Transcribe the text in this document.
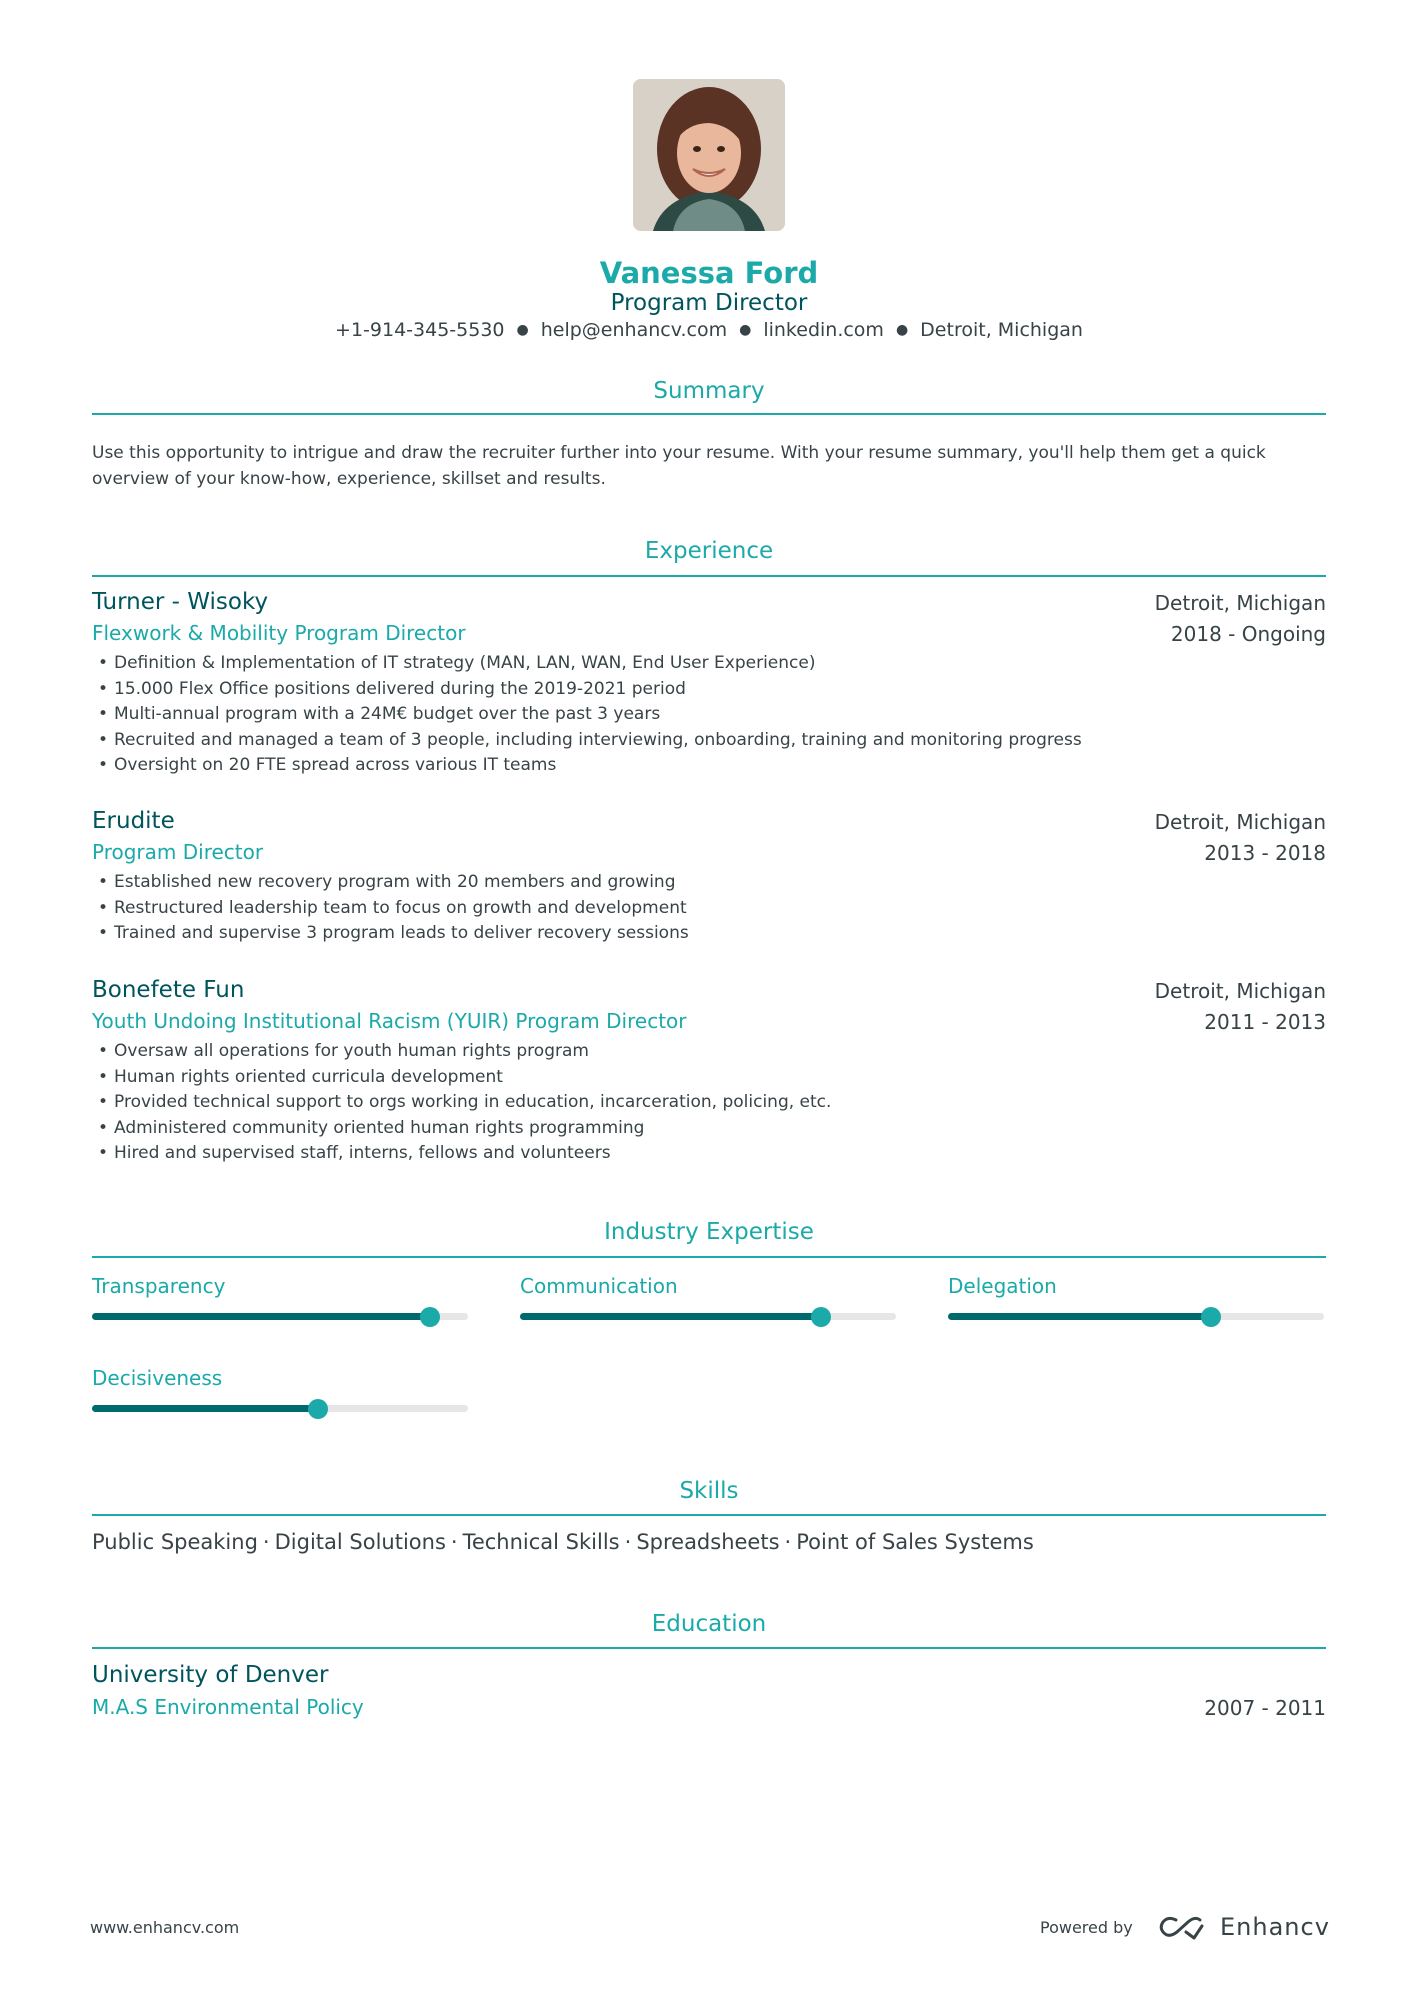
Vanessa Ford
Program Director
+1-914-345-5530 ● help@enhancv.com ● linkedin.com ● Detroit, Michigan
Summary
Use this opportunity to intrigue and draw the recruiter further into your resume. With your resume summary, you'll help them get a quick overview of your know-how, experience, skillset and results.
Experience
Turner - Wisoky
Flexwork & Mobility Program Director
Detroit, Michigan
2018 - Ongoing
• Definition & Implementation of IT strategy (MAN, LAN, WAN, End User Experience)
• 15.000 Flex Office positions delivered during the 2019-2021 period
• Multi-annual program with a 24M€ budget over the past 3 years
• Recruited and managed a team of 3 people, including interviewing, onboarding, training and monitoring progress
• Oversight on 20 FTE spread across various IT teams
Erudite
Program Director
Detroit, Michigan
2013 - 2018
• Established new recovery program with 20 members and growing
• Restructured leadership team to focus on growth and development
• Trained and supervise 3 program leads to deliver recovery sessions
Bonefete Fun
Youth Undoing Institutional Racism (YUIR) Program Director
Detroit, Michigan
2011 - 2013
• Oversaw all operations for youth human rights program
• Human rights oriented curricula development
• Provided technical support to orgs working in education, incarceration, policing, etc.
• Administered community oriented human rights programming
• Hired and supervised staff, interns, fellows and volunteers
Industry Expertise
Transparency	Communication	Delegation
Decisiveness
Skills
Public Speaking · Digital Solutions · Technical Skills · Spreadsheets · Point of Sales Systems
Education
University of Denver
M.A.S Environmental Policy	2007 - 2011
www.enhancv.com	Powered by	Enhancv
